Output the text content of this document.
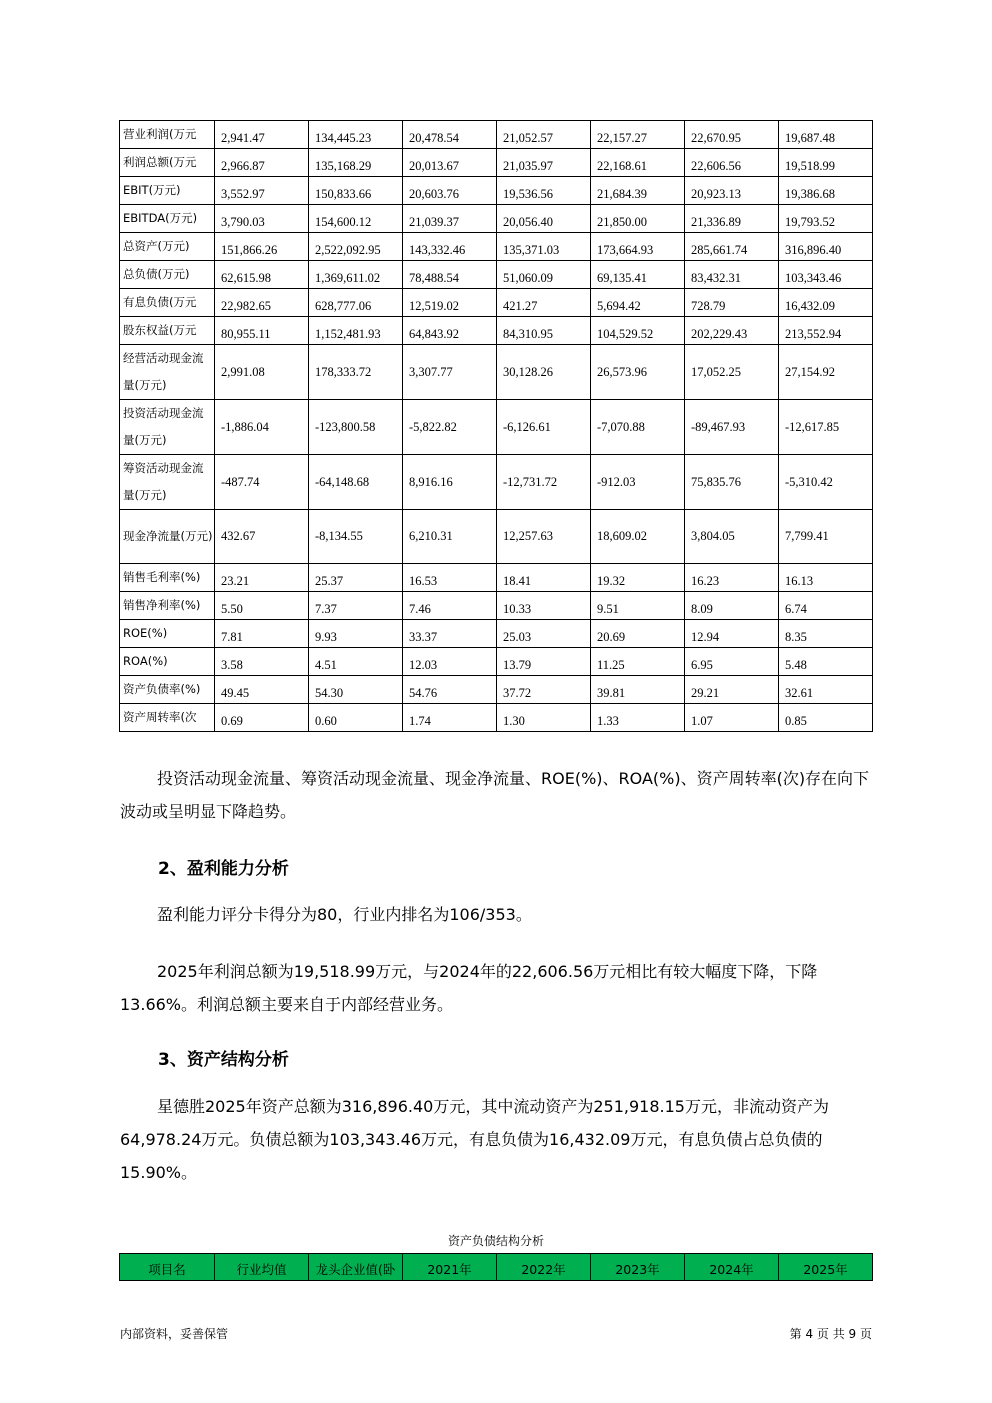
营业利润(万元	2,941.47	134,445.23	20,478.54	21,052.57	22,157.27	22,670.95	19,687.48
利润总额(万元	2,966.87	135,168.29	20,013.67	21,035.97	22,168.61	22,606.56	19,518.99
EBIT(万元)	3,552.97	150,833.66	20,603.76	19,536.56	21,684.39	20,923.13	19,386.68
EBITDA(万元)	3,790.03	154,600.12	21,039.37	20,056.40	21,850.00	21,336.89	19,793.52
总资产(万元)	151,866.26	2,522,092.95	143,332.46	135,371.03	173,664.93	285,661.74	316,896.40
总负债(万元)	62,615.98	1,369,611.02	78,488.54	51,060.09	69,135.41	83,432.31	103,343.46
有息负债(万元	22,982.65	628,777.06	12,519.02	421.27	5,694.42	728.79	16,432.09
股东权益(万元	80,955.11	1,152,481.93	64,843.92	84,310.95	104,529.52	202,229.43	213,552.94
经营活动现金流量(万元)	2,991.08	178,333.72	3,307.77	30,128.26	26,573.96	17,052.25	27,154.92
投资活动现金流量(万元)	-1,886.04	-123,800.58	-5,822.82	-6,126.61	-7,070.88	-89,467.93	-12,617.85
筹资活动现金流量(万元)	-487.74	-64,148.68	8,916.16	-12,731.72	-912.03	75,835.76	-5,310.42
现金净流量(万元)	432.67	-8,134.55	6,210.31	12,257.63	18,609.02	3,804.05	7,799.41
销售毛利率(%)	23.21	25.37	16.53	18.41	19.32	16.23	16.13
销售净利率(%)	5.50	7.37	7.46	10.33	9.51	8.09	6.74
ROE(%)	7.81	9.93	33.37	25.03	20.69	12.94	8.35
ROA(%)	3.58	4.51	12.03	13.79	11.25	6.95	5.48
资产负债率(%)	49.45	54.30	54.76	37.72	39.81	29.21	32.61
资产周转率(次	0.69	0.60	1.74	1.30	1.33	1.07	0.85
投资活动现金流量、筹资活动现金流量、现金净流量、ROE(%)、ROA(%)、资产周转率(次)存在向下波动或呈明显下降趋势。
2、盈利能力分析
盈利能力评分卡得分为80，行业内排名为106/353。
2025年利润总额为19,518.99万元，与2024年的22,606.56万元相比有较大幅度下降，下降13.66%。利润总额主要来自于内部经营业务。
3、资产结构分析
星德胜2025年资产总额为316,896.40万元，其中流动资产为251,918.15万元，非流动资产为64,978.24万元。负债总额为103,343.46万元，有息负债为16,432.09万元，有息负债占总负债的15.90%。
资产负债结构分析
项目名	行业均值	龙头企业值(卧	2021年	2022年	2023年	2024年	2025年
内部资料，妥善保管	第 4 页 共 9 页
